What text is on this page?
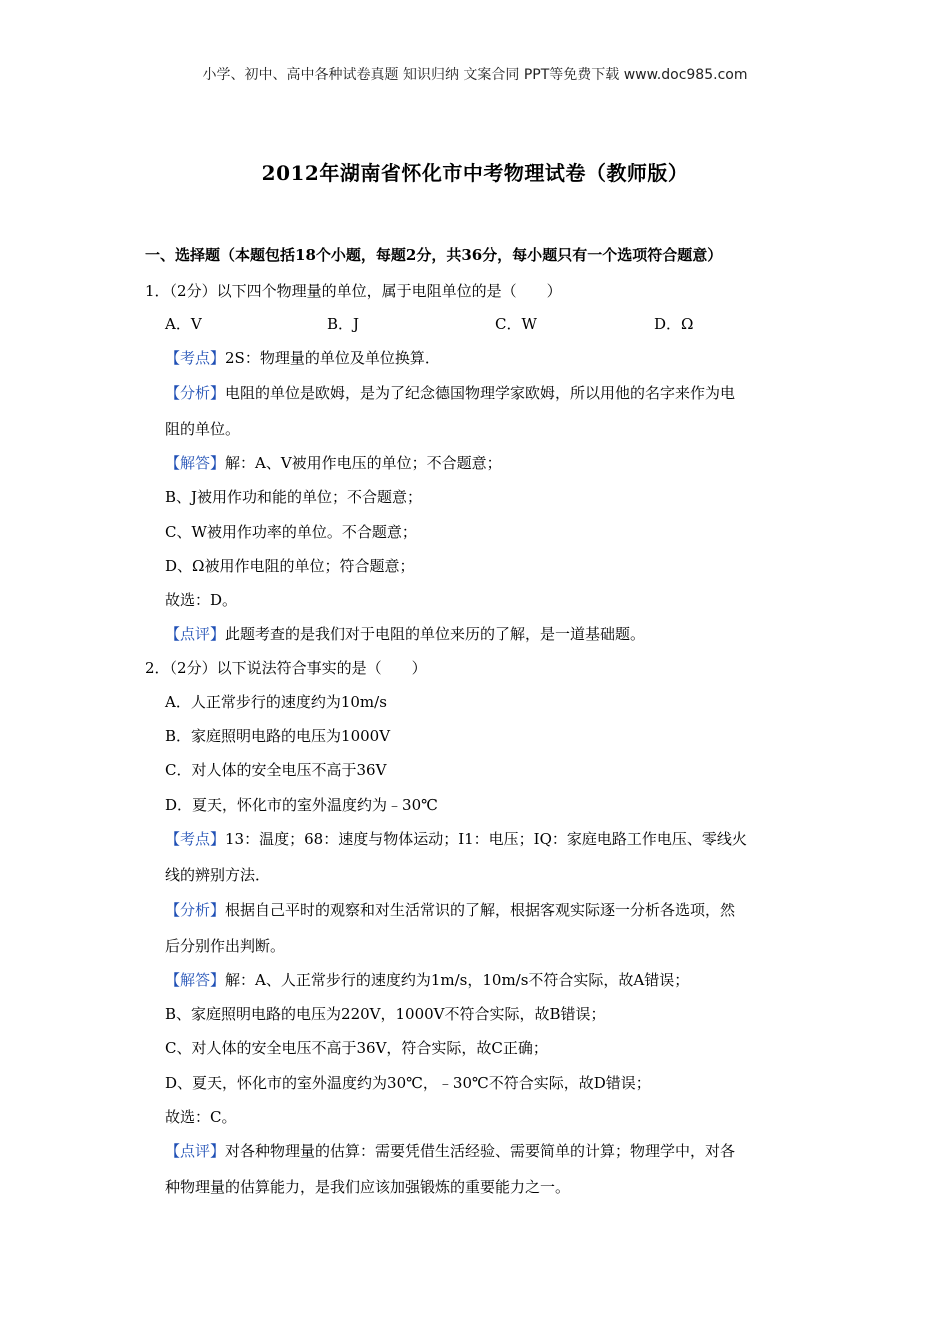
小学、初中、高中各种试卷真题 知识归纳 文案合同 PPT等免费下载 www.doc985.com
2012年湖南省怀化市中考物理试卷（教师版）
一、选择题（本题包括18个小题，每题2分，共36分，每小题只有一个选项符合题意）
1．（2分）以下四个物理量的单位，属于电阻单位的是（　　）
A．V	B．J	C．W	D．Ω
【考点】2S：物理量的单位及单位换算．
【分析】电阻的单位是欧姆，是为了纪念德国物理学家欧姆，所以用他的名字来作为电
阻的单位。
【解答】解：A、V被用作电压的单位；不合题意；
B、J被用作功和能的单位；不合题意；
C、W被用作功率的单位。不合题意；
D、Ω被用作电阻的单位；符合题意；
故选：D。
【点评】此题考查的是我们对于电阻的单位来历的了解，是一道基础题。
2．（2分）以下说法符合事实的是（　　）
A．人正常步行的速度约为10m/s
B．家庭照明电路的电压为1000V
C．对人体的安全电压不高于36V
D．夏天，怀化市的室外温度约为﹣30℃
【考点】13：温度；68：速度与物体运动；I1：电压；IQ：家庭电路工作电压、零线火
线的辨别方法．
【分析】根据自己平时的观察和对生活常识的了解，根据客观实际逐一分析各选项，然
后分别作出判断。
【解答】解：A、人正常步行的速度约为1m/s，10m/s不符合实际，故A错误；
B、家庭照明电路的电压为220V，1000V不符合实际，故B错误；
C、对人体的安全电压不高于36V，符合实际，故C正确；
D、夏天，怀化市的室外温度约为30℃，﹣30℃不符合实际，故D错误；
故选：C。
【点评】对各种物理量的估算：需要凭借生活经验、需要简单的计算；物理学中，对各
种物理量的估算能力，是我们应该加强锻炼的重要能力之一。
